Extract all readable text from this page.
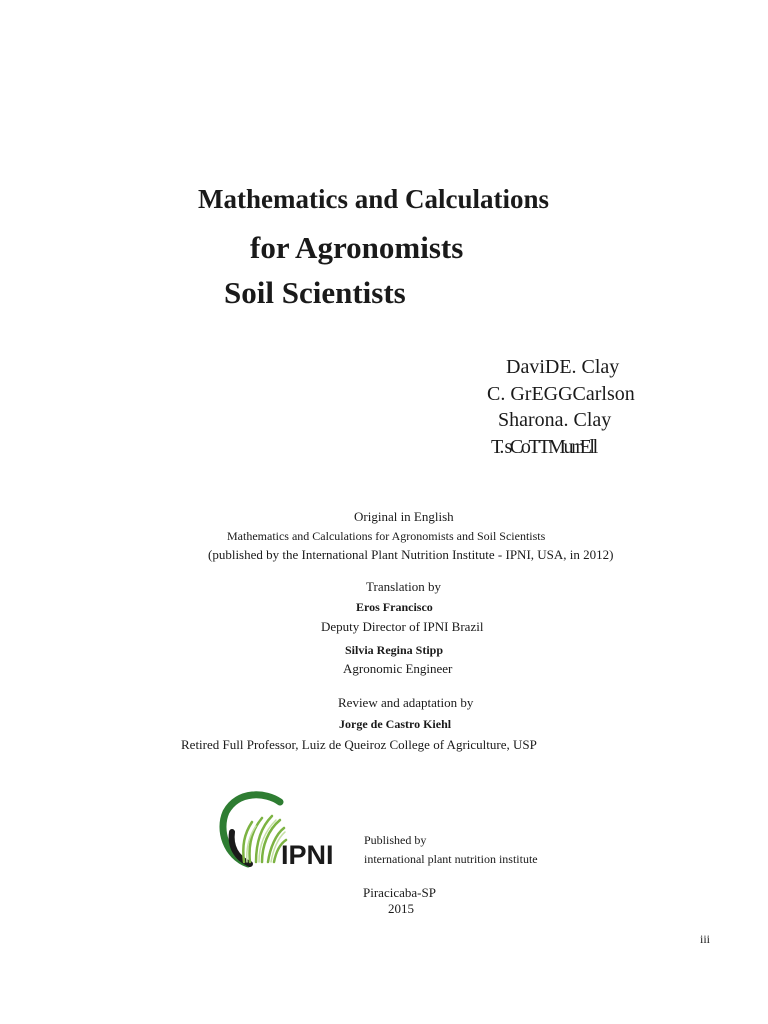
Mathematics and Calculations
for Agronomists
Soil Scientists
DaviDE. Clay
C. GrEGGCarlson
Sharona. Clay
T. sCoTTMurrEll
Original in English
Mathematics and Calculations for Agronomists and Soil Scientists
(published by the International Plant Nutrition Institute - IPNI, USA, in 2012)
Translation by
Eros Francisco
Deputy Director of IPNI Brazil
Silvia Regina Stipp
Agronomic Engineer
Review and adaptation by
Jorge de Castro Kiehl
Retired Full Professor, Luiz de Queiroz College of Agriculture, USP
IPNI	Published by
international plant nutrition institute
Piracicaba-SP
2015
iii
